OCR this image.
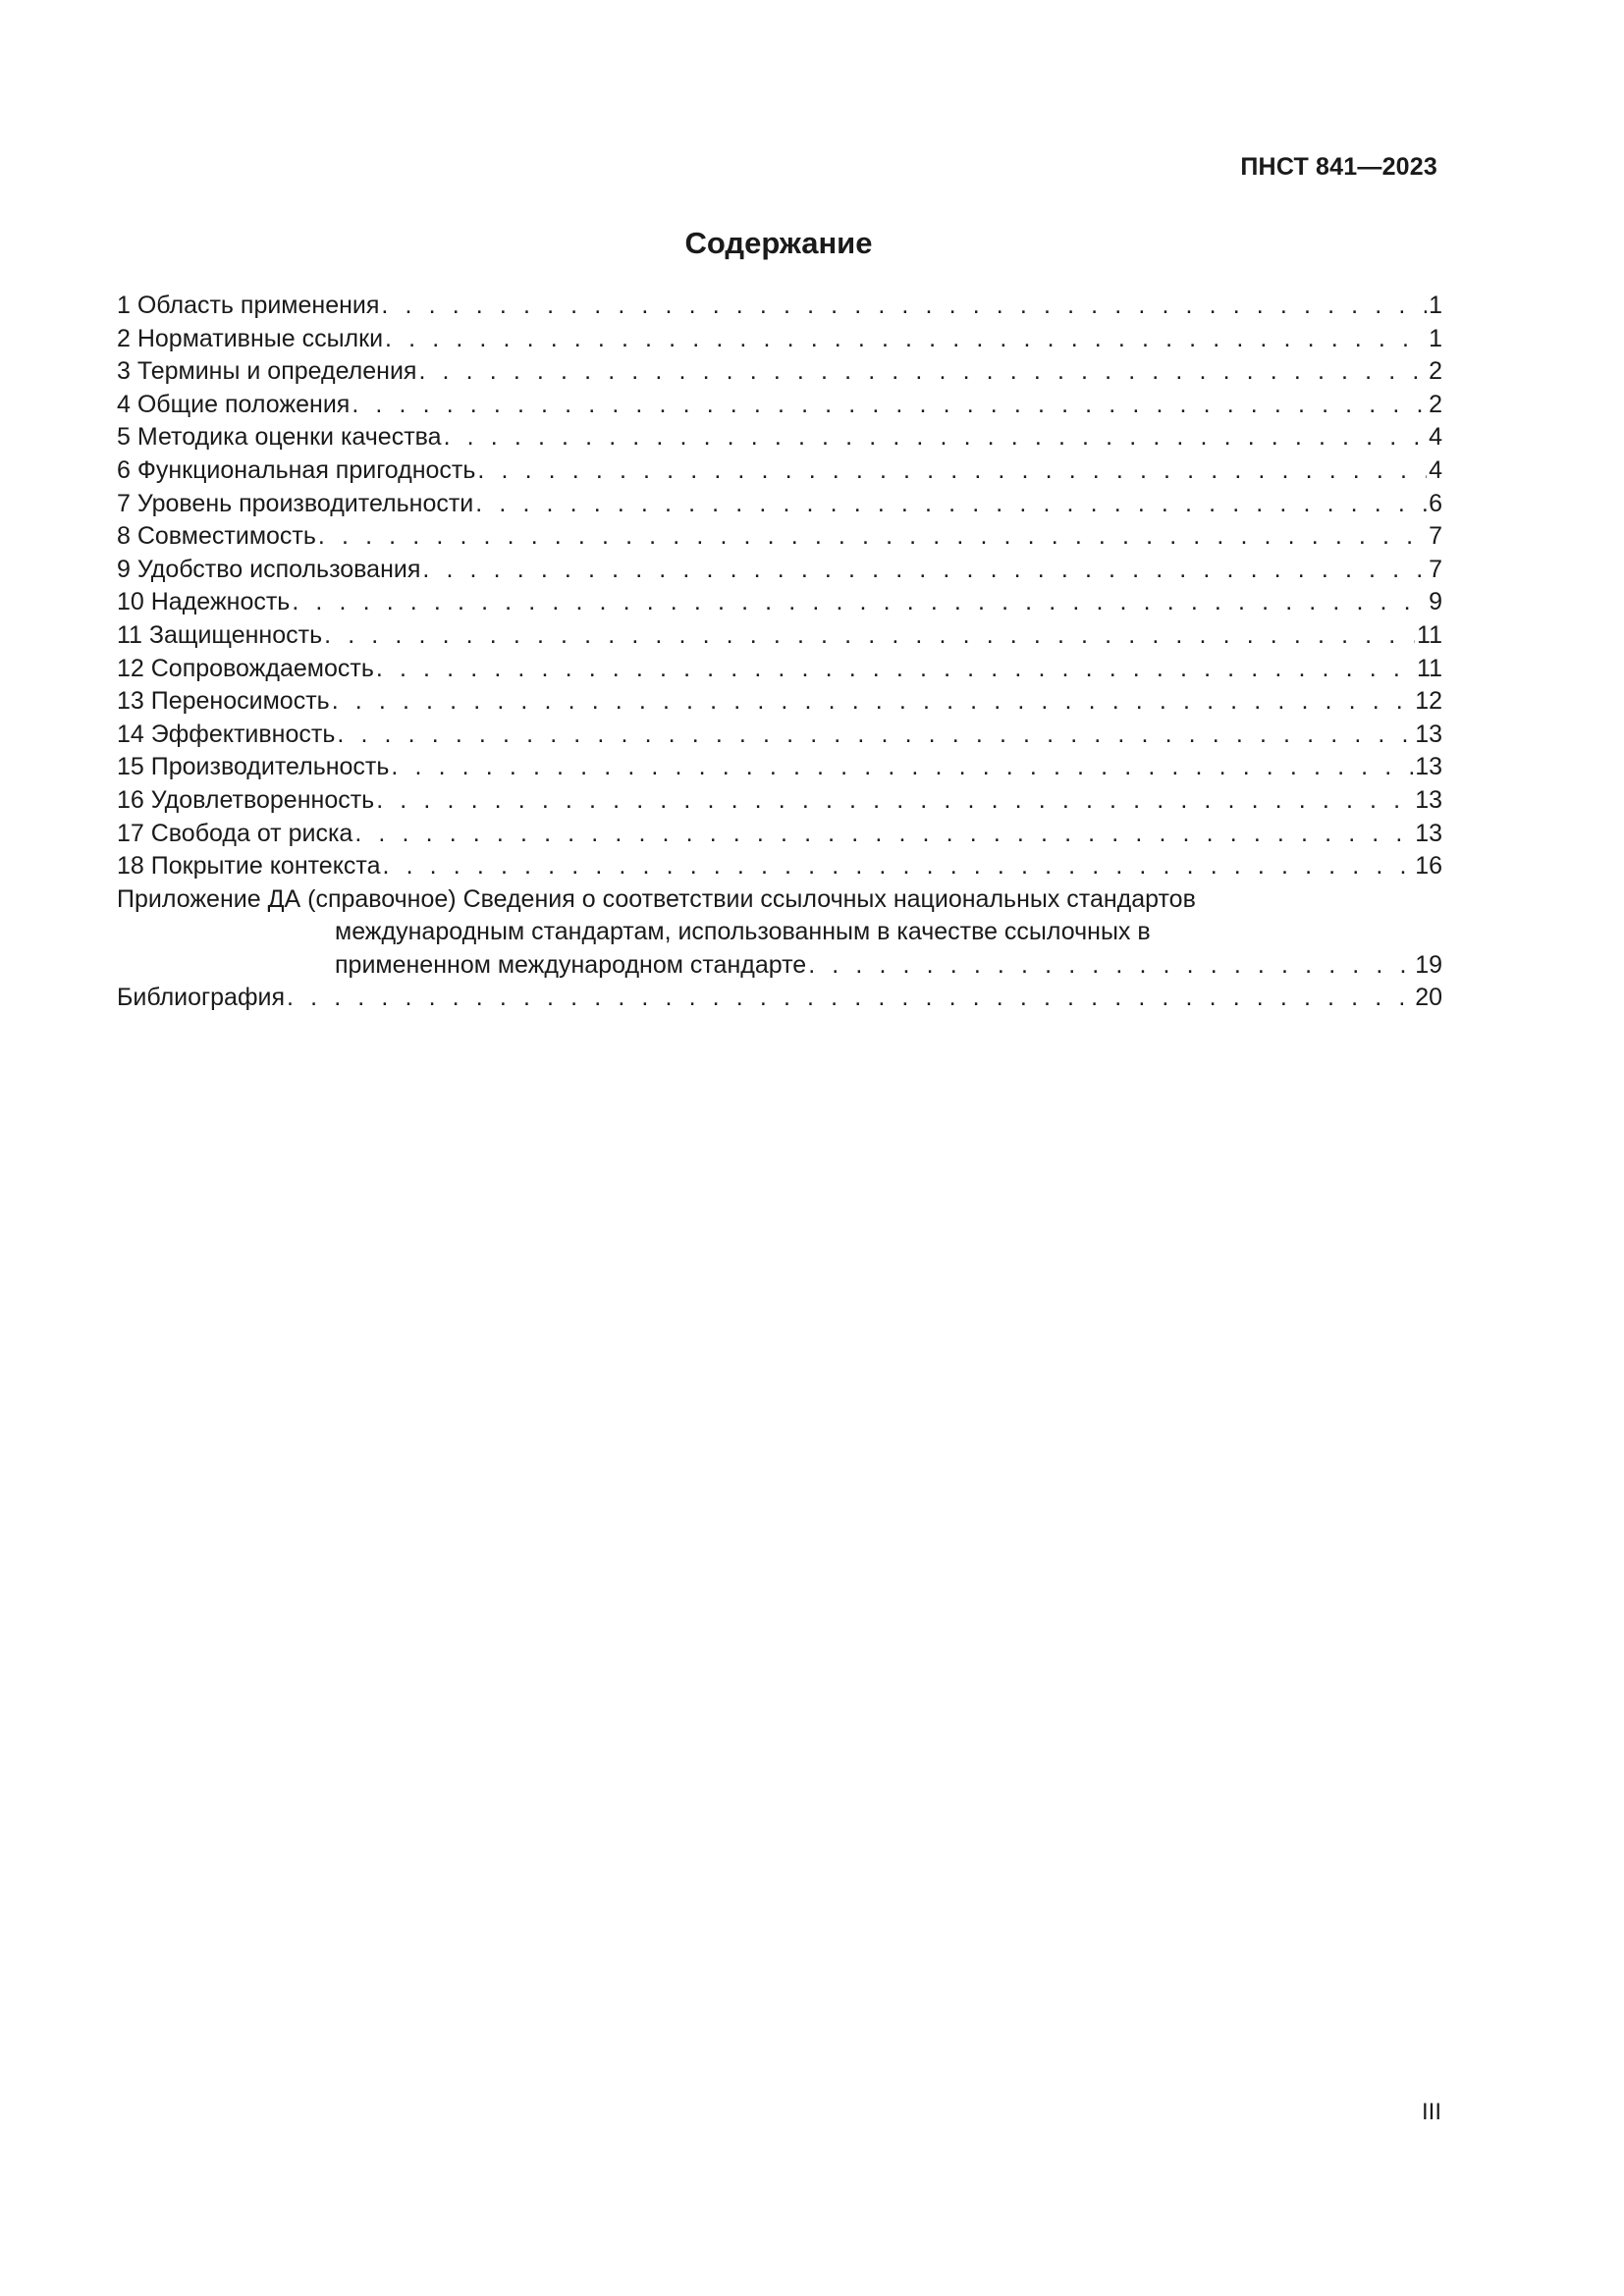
ПНСТ 841—2023
Содержание
1 Область применения . . .	1
2 Нормативные ссылки . . .	1
3 Термины и определения . . .	2
4 Общие положения . . .	2
5 Методика оценки качества . . .	4
6 Функциональная пригодность . . .	4
7 Уровень производительности . . .	6
8 Совместимость . . .	7
9 Удобство использования . . .	7
10 Надежность . . .	9
11 Защищенность . . .	11
12 Сопровождаемость . . .	11
13 Переносимость . . .	12
14 Эффективность . . .	13
15 Производительность . . .	13
16 Удовлетворенность . . .	13
17 Свобода от риска . . .	13
18 Покрытие контекста . . .	16
Приложение ДА (справочное) Сведения о соответствии ссылочных национальных стандартов
международным стандартам, использованным в качестве ссылочных в
примененном международном стандарте . . .	19
Библиография . . .	20
III
